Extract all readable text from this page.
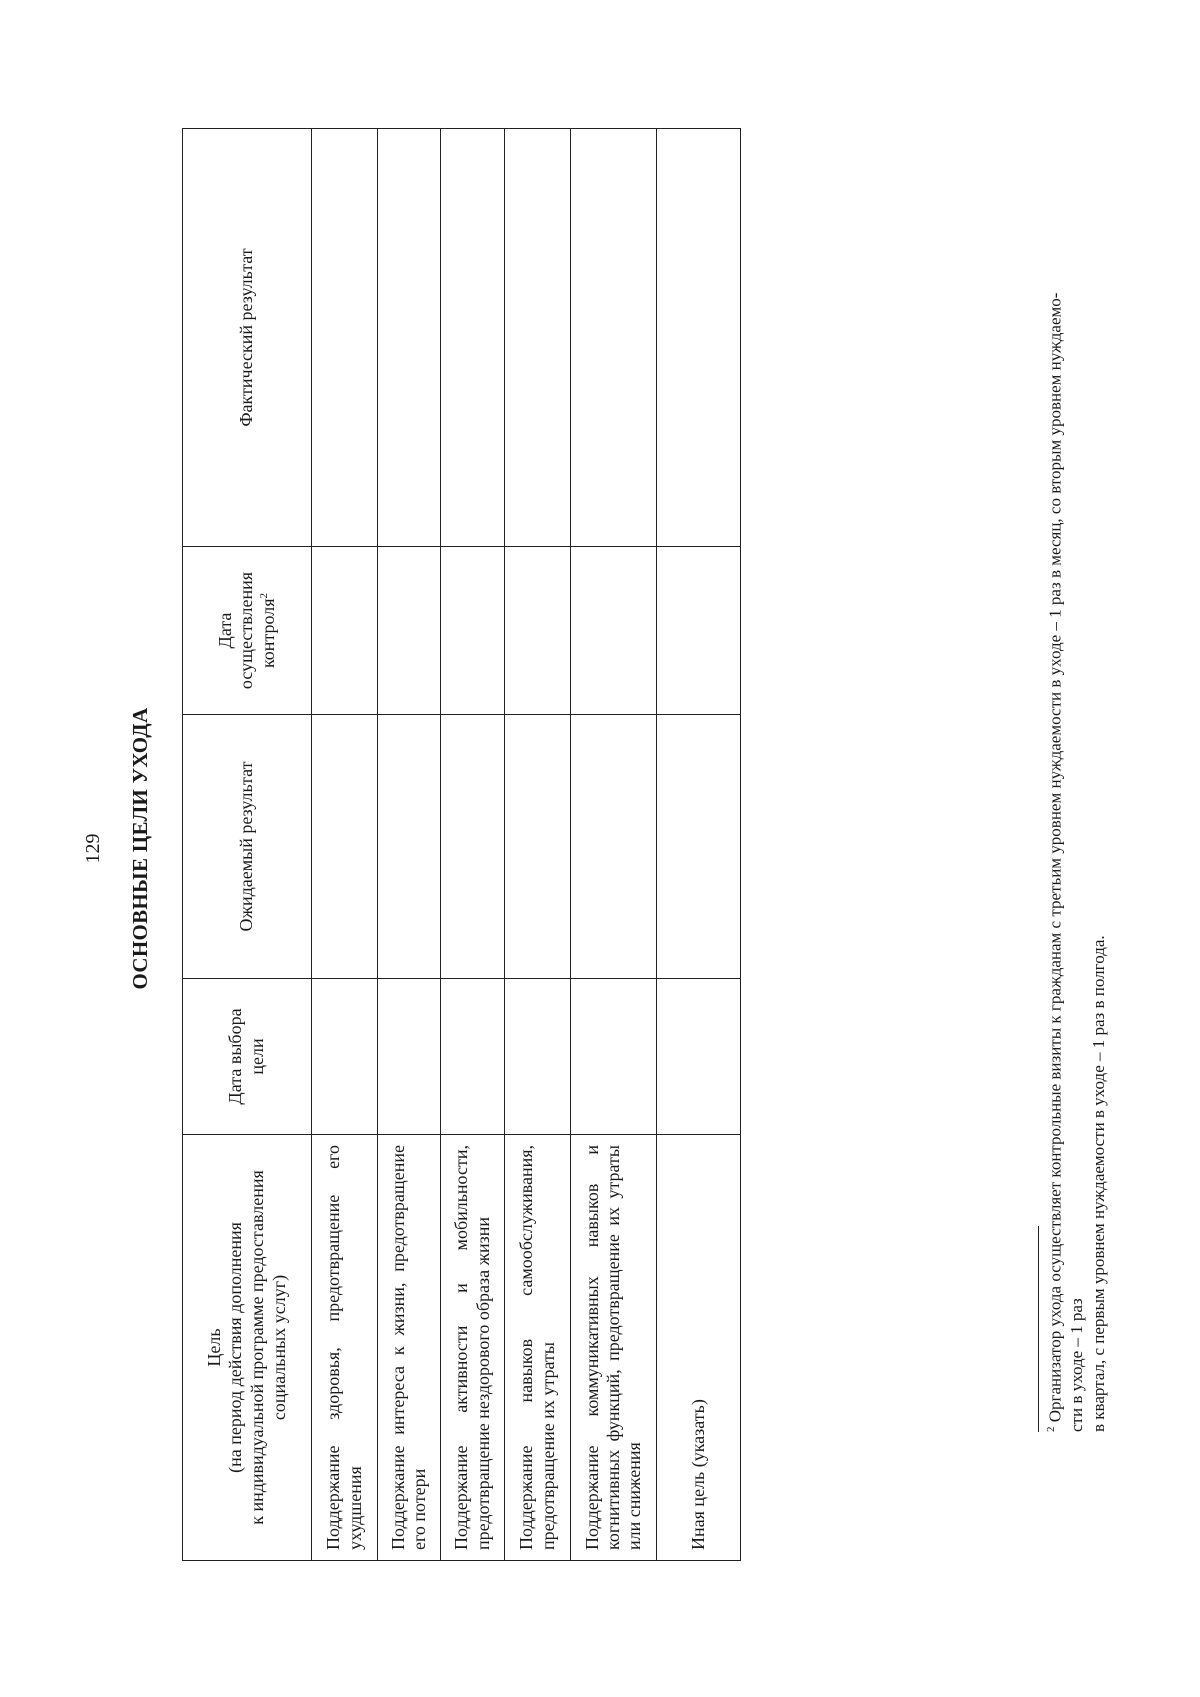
129 ОСНОВНЫЕ ЦЕЛИ УХОДА
Цель (на период действия дополнения к индивидуальной программе предоставления социальных услуг)	Дата выбора цели	Ожидаемый результат	Дата осуществления контроля$^2$	Фактический результат

Поддержание здоровья, предотвращение его ухудшения				

Поддержание интереса к жизни, предотвращение его потери				

Поддержание активности и мобильности, предотвращение нездорового образа жизни				

Поддержание навыков самообслуживания, предотвращение их утраты				

Поддержание коммуникативных навыков и когнитивных функций, предотвращение их утраты или снижения				

Иная цель (указать)				
					$^2$ Организатор ухода осуществляет контрольные визиты к гражданам с третьим уровнем нуждаемости в уходе – 1 раз в месяц, со вторым уровнем нуждаемо- сти в уходе – 1 раз в квартал, с первым уровнем нуждаемости в уходе – 1 раз в полгода.
